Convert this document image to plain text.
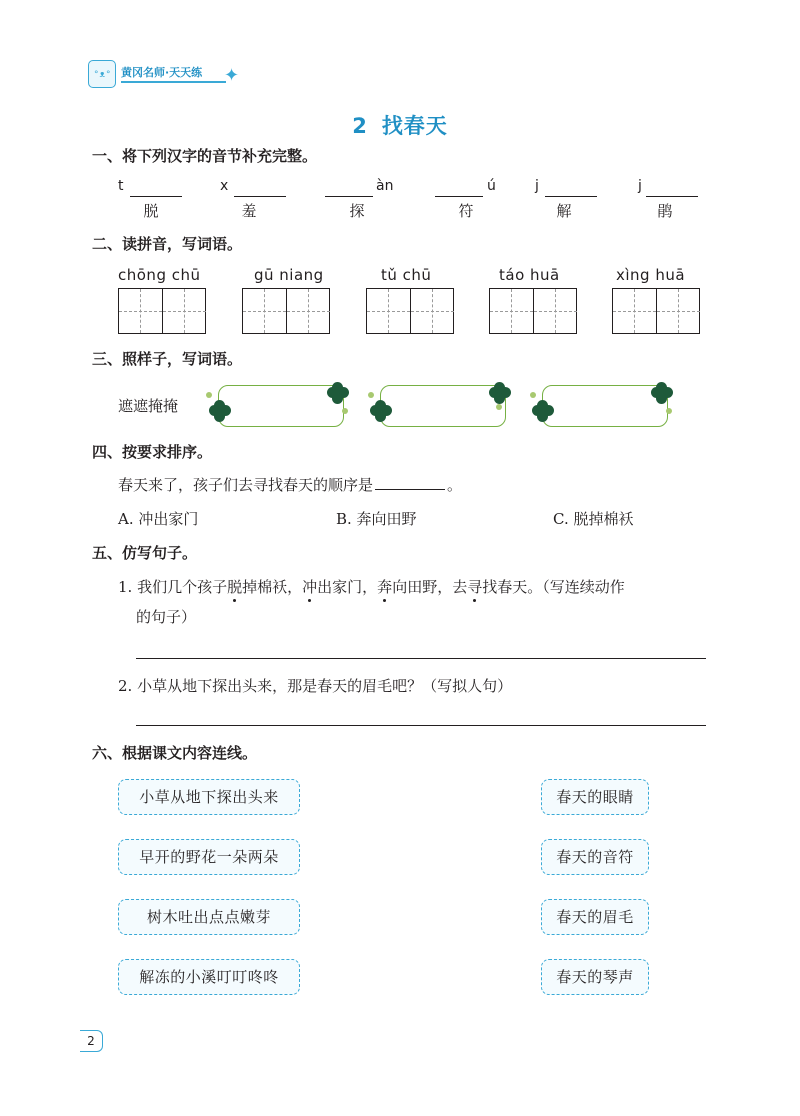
°ᴥ° 黄冈名师·天天练 ✦
2 找春天
一、将下列汉字的音节补充完整。
t
脱
x
羞
àn
探
ú
符
j
解
j
鹃
二、读拼音，写词语。
chōng chū	gū niang	tǔ chū	táo huā	xìng huā
三、照样子，写词语。
遮遮掩掩
四、按要求排序。
春天来了，孩子们去寻找春天的顺序是	。
A. 冲出家门	B. 奔向田野	C. 脱掉棉袄
五、仿写句子。
1. 我们几个孩子脱掉棉袄，冲出家门，奔向田野，去寻找春天。（写连续动作
的句子）
2. 小草从地下探出头来，那是春天的眉毛吧？（写拟人句）
六、根据课文内容连线。
小草从地下探出头来
早开的野花一朵两朵
树木吐出点点嫩芽
解冻的小溪叮叮咚咚
春天的眼睛
春天的音符
春天的眉毛
春天的琴声
2
